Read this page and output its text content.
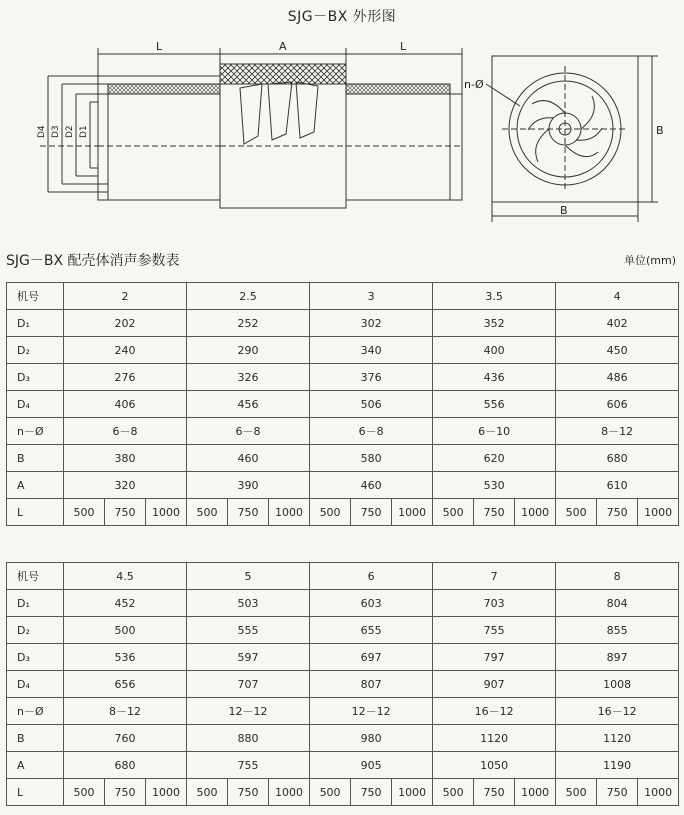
SJG－BX 外形图
L	A	L
B
B
n-Ø
D4 D3 D2 D1
SJG－BX 配壳体消声参数表	单位(mm)
机号	2			2.5			3			3.5			4		
D₁	202			252			302			352			402		
D₂	240			290			340			400			450		
D₃	276			326			376			436			486		
D₄	406			456			506			556			606		
n－Ø	6－8			6－8			6－8			6－10			8－12		
B	380			460			580			620			680		
A	320			390			460			530			610		
L	500	750	1000	500	750	1000	500	750	1000	500	750	1000	500	750	1000
机号	4.5			5			6			7			8		
D₁	452			503			603			703			804		
D₂	500			555			655			755			855		
D₃	536			597			697			797			897		
D₄	656			707			807			907			1008		
n－Ø	8－12			12－12			12－12			16－12			16－12		
B	760			880			980			1120			1120		
A	680			755			905			1050			1190		
L	500	750	1000	500	750	1000	500	750	1000	500	750	1000	500	750	1000
